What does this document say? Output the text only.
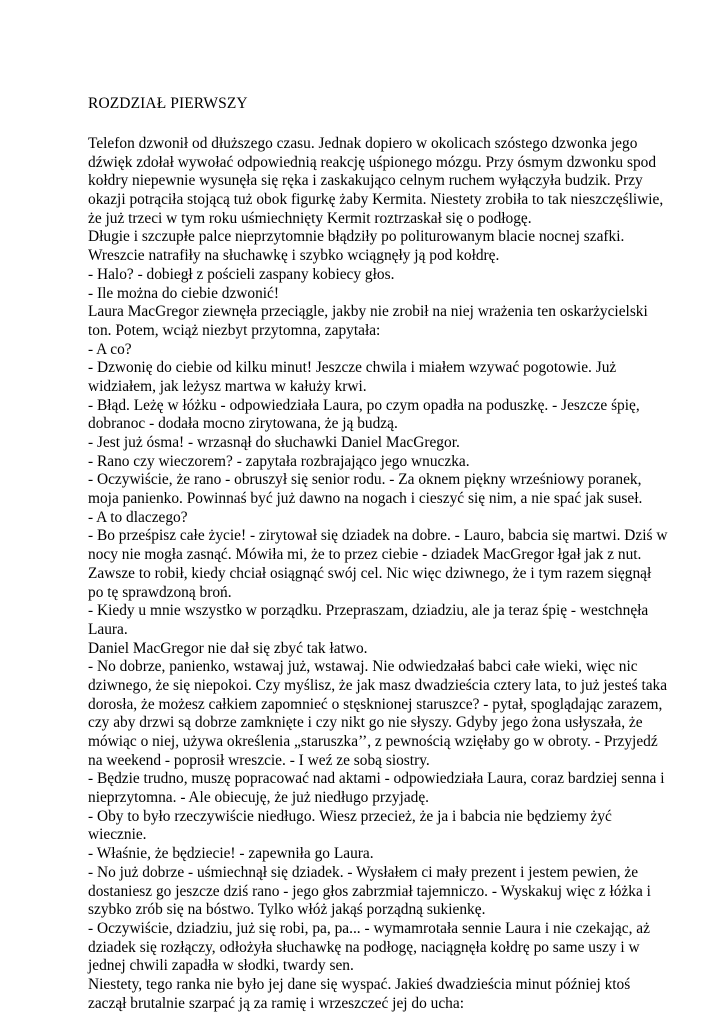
ROZDZIAŁ PIERWSZY
Telefon dzwonił od dłuższego czasu. Jednak dopiero w okolicach szóstego dzwonka jego
dźwięk zdołał wywołać odpowiednią reakcję uśpionego mózgu. Przy ósmym dzwonku spod
kołdry niepewnie wysunęła się ręka i zaskakująco celnym ruchem wyłączyła budzik. Przy
okazji potrąciła stojącą tuż obok figurkę żaby Kermita. Niestety zrobiła to tak nieszczęśliwie,
że już trzeci w tym roku uśmiechnięty Kermit roztrzaskał się o podłogę.
Długie i szczupłe palce nieprzytomnie błądziły po politurowanym blacie nocnej szafki.
Wreszcie natrafiły na słuchawkę i szybko wciągnęły ją pod kołdrę.
- Halo? - dobiegł z pościeli zaspany kobiecy głos.
- Ile można do ciebie dzwonić!
Laura MacGregor ziewnęła przeciągle, jakby nie zrobił na niej wrażenia ten oskarżycielski
ton. Potem, wciąż niezbyt przytomna, zapytała:
- A co?
- Dzwonię do ciebie od kilku minut! Jeszcze chwila i miałem wzywać pogotowie. Już
widziałem, jak leżysz martwa w kałuży krwi.
- Błąd. Leżę w łóżku - odpowiedziała Laura, po czym opadła na poduszkę. - Jeszcze śpię,
dobranoc - dodała mocno zirytowana, że ją budzą.
- Jest już ósma! - wrzasnął do słuchawki Daniel MacGregor.
- Rano czy wieczorem? - zapytała rozbrajająco jego wnuczka.
- Oczywiście, że rano - obruszył się senior rodu. - Za oknem piękny wrześniowy poranek,
moja panienko. Powinnaś być już dawno na nogach i cieszyć się nim, a nie spać jak suseł.
- A to dlaczego?
- Bo prześpisz całe życie! - zirytował się dziadek na dobre. - Lauro, babcia się martwi. Dziś w
nocy nie mogła zasnąć. Mówiła mi, że to przez ciebie - dziadek MacGregor łgał jak z nut.
Zawsze to robił, kiedy chciał osiągnąć swój cel. Nic więc dziwnego, że i tym razem sięgnął
po tę sprawdzoną broń.
- Kiedy u mnie wszystko w porządku. Przepraszam, dziadziu, ale ja teraz śpię - westchnęła
Laura.
Daniel MacGregor nie dał się zbyć tak łatwo.
- No dobrze, panienko, wstawaj już, wstawaj. Nie odwiedzałaś babci całe wieki, więc nic
dziwnego, że się niepokoi. Czy myślisz, że jak masz dwadzieścia cztery lata, to już jesteś taka
dorosła, że możesz całkiem zapomnieć o stęsknionej staruszce? - pytał, spoglądając zarazem,
czy aby drzwi są dobrze zamknięte i czy nikt go nie słyszy. Gdyby jego żona usłyszała, że
mówiąc o niej, używa określenia „staruszka’’, z pewnością wzięłaby go w obroty. - Przyjedź
na weekend - poprosił wreszcie. - I weź ze sobą siostry.
- Będzie trudno, muszę popracować nad aktami - odpowiedziała Laura, coraz bardziej senna i
nieprzytomna. - Ale obiecuję, że już niedługo przyjadę.
- Oby to było rzeczywiście niedługo. Wiesz przecież, że ja i babcia nie będziemy żyć
wiecznie.
- Właśnie, że będziecie! - zapewniła go Laura.
- No już dobrze - uśmiechnął się dziadek. - Wysłałem ci mały prezent i jestem pewien, że
dostaniesz go jeszcze dziś rano - jego głos zabrzmiał tajemniczo. - Wyskakuj więc z łóżka i
szybko zrób się na bóstwo. Tylko włóż jakąś porządną sukienkę.
- Oczywiście, dziadziu, już się robi, pa, pa... - wymamrotała sennie Laura i nie czekając, aż
dziadek się rozłączy, odłożyła słuchawkę na podłogę, naciągnęła kołdrę po same uszy i w
jednej chwili zapadła w słodki, twardy sen.
Niestety, tego ranka nie było jej dane się wyspać. Jakieś dwadzieścia minut później ktoś
zaczął brutalnie szarpać ją za ramię i wrzeszczeć jej do ucha:
